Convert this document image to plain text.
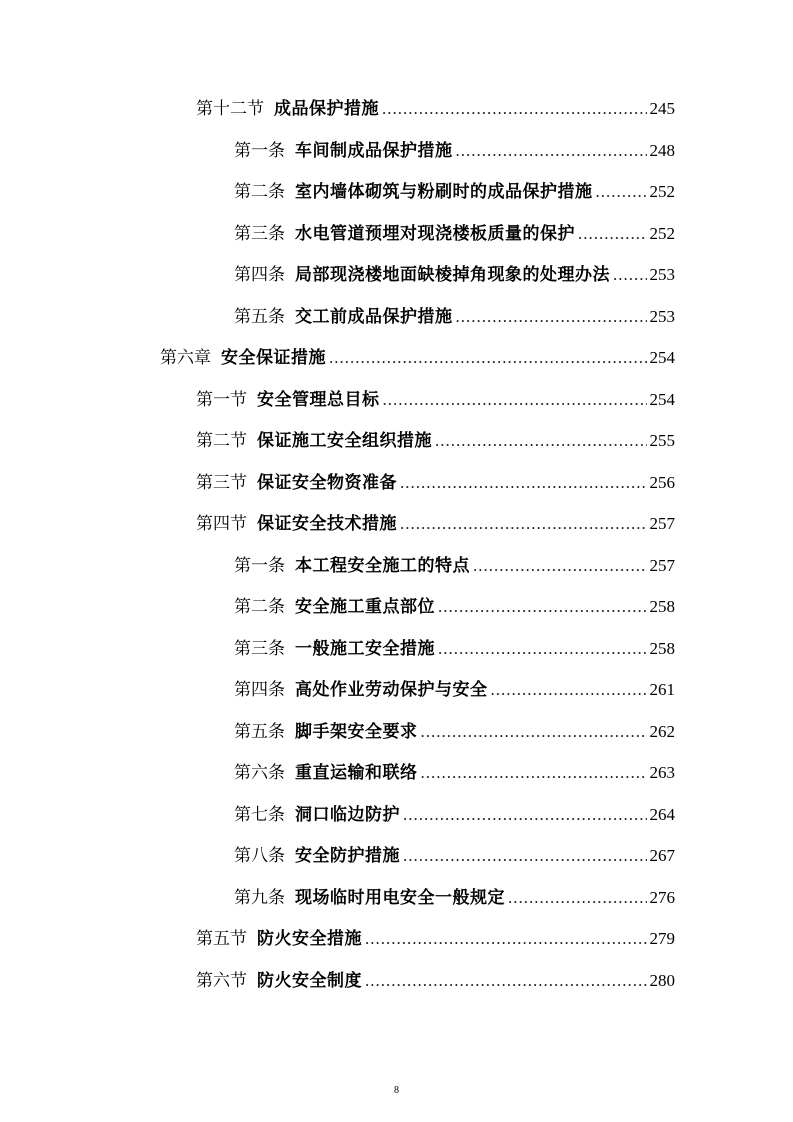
第十二节 成品保护措施 .....	245
第一条 车间制成品保护措施 .....	248
第二条 室内墙体砌筑与粉刷时的成品保护措施 .....	252
第三条 水电管道预埋对现浇楼板质量的保护 .....	252
第四条 局部现浇楼地面缺棱掉角现象的处理办法 ..... 253
第五条 交工前成品保护措施 .....	253
第六章 安全保证措施 .....	254
第一节 安全管理总目标 .....	254
第二节 保证施工安全组织措施 .....	255
第三节 保证安全物资准备 .....	256
第四节 保证安全技术措施 .....	257
第一条 本工程安全施工的特点 .....	257
第二条 安全施工重点部位 .....	258
第三条 一般施工安全措施 .....	258
第四条 高处作业劳动保护与安全 .....	261
第五条 脚手架安全要求 .....	262
第六条 重直运输和联络 .....	263
第七条 洞口临边防护 .....	264
第八条 安全防护措施 .....	267
第九条 现场临时用电安全一般规定 .....	276
第五节 防火安全措施 .....	279
第六节 防火安全制度 .....	280
8
